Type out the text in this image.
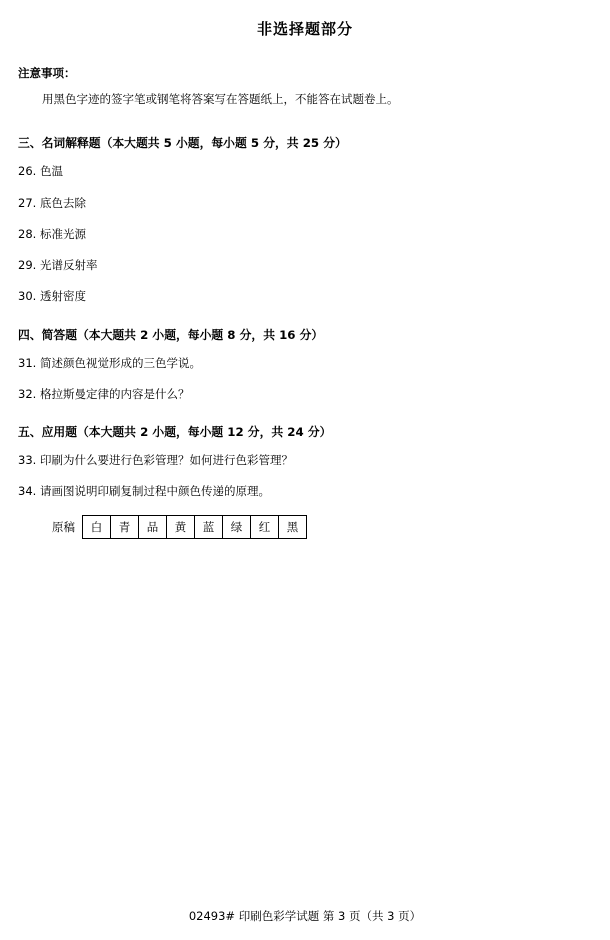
非选择题部分
注意事项：
用黑色字迹的签字笔或钢笔将答案写在答题纸上，不能答在试题卷上。
三、名词解释题（本大题共 5 小题，每小题 5 分，共 25 分）
26. 色温
27. 底色去除
28. 标准光源
29. 光谱反射率
30. 透射密度
四、简答题（本大题共 2 小题，每小题 8 分，共 16 分）
31. 简述颜色视觉形成的三色学说。
32. 格拉斯曼定律的内容是什么？
五、应用题（本大题共 2 小题，每小题 12 分，共 24 分）
33. 印刷为什么要进行色彩管理？如何进行色彩管理？
34. 请画图说明印刷复制过程中颜色传递的原理。
原稿 白	青	品	黄	蓝	绿	红	黑
02493# 印刷色彩学试题 第 3 页（共 3 页）
